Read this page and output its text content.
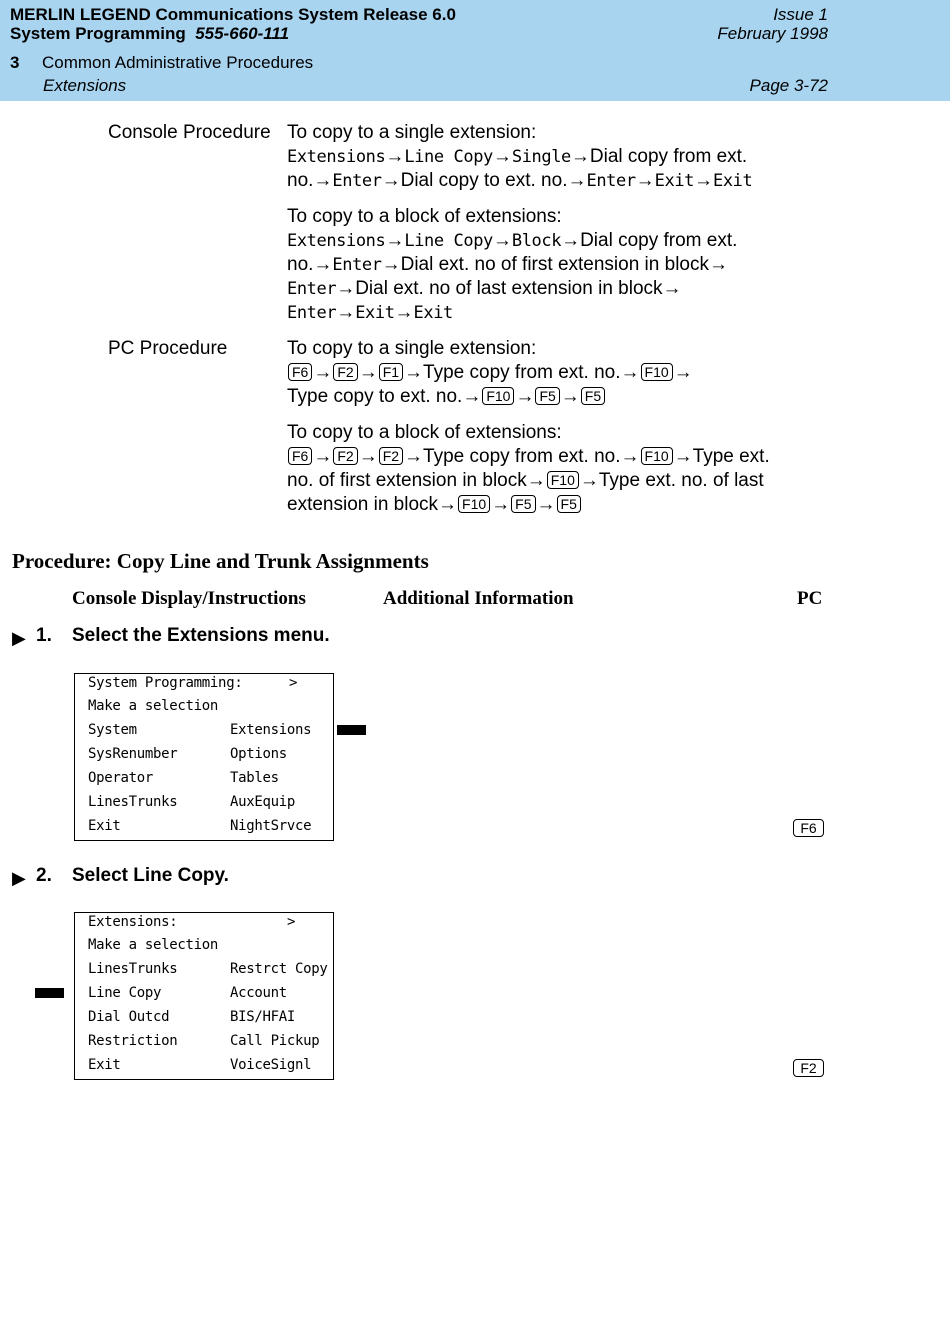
MERLIN LEGEND Communications System Release 6.0
System Programming 555-660-111
Issue 1
February 1998
3 Common Administrative Procedures
Extensions	Page 3-72
Console Procedure To copy to a single extension:
Extensions→Line Copy→Single→Dial copy from ext.
no.→Enter→Dial copy to ext. no.→Enter→Exit→Exit
To copy to a block of extensions:
Extensions→Line Copy→Block→Dial copy from ext.
no.→Enter→Dial ext. no of first extension in block→
Enter→Dial ext. no of last extension in block→
Enter→Exit→Exit
PC Procedure	To copy to a single extension:
F6 → F2 → F1 →Type copy from ext. no.→ F10 →
Type copy to ext. no.→ F10 → F5 → F5
To copy to a block of extensions:
F6 → F2 → F2 →Type copy from ext. no.→ F10 →Type ext.
no. of first extension in block→ F10 →Type ext. no. of last
extension in block→ F10 → F5 → F5
Procedure: Copy Line and Trunk Assignments
Console Display/Instructions	Additional Information	PC
▶ 1. Select the Extensions menu.
System Programming:	>
Make a selection
System	Extensions
SysRenumber	Options
Operator	Tables
LinesTrunks	AuxEquip
Exit	NightSrvce	F6
▶ 2. Select Line Copy.
Extensions:	>
Make a selection
LinesTrunks	Restrct Copy
Line Copy	Account
Dial Outcd	BIS/HFAI
Restriction	Call Pickup
Exit	VoiceSignl	F2
